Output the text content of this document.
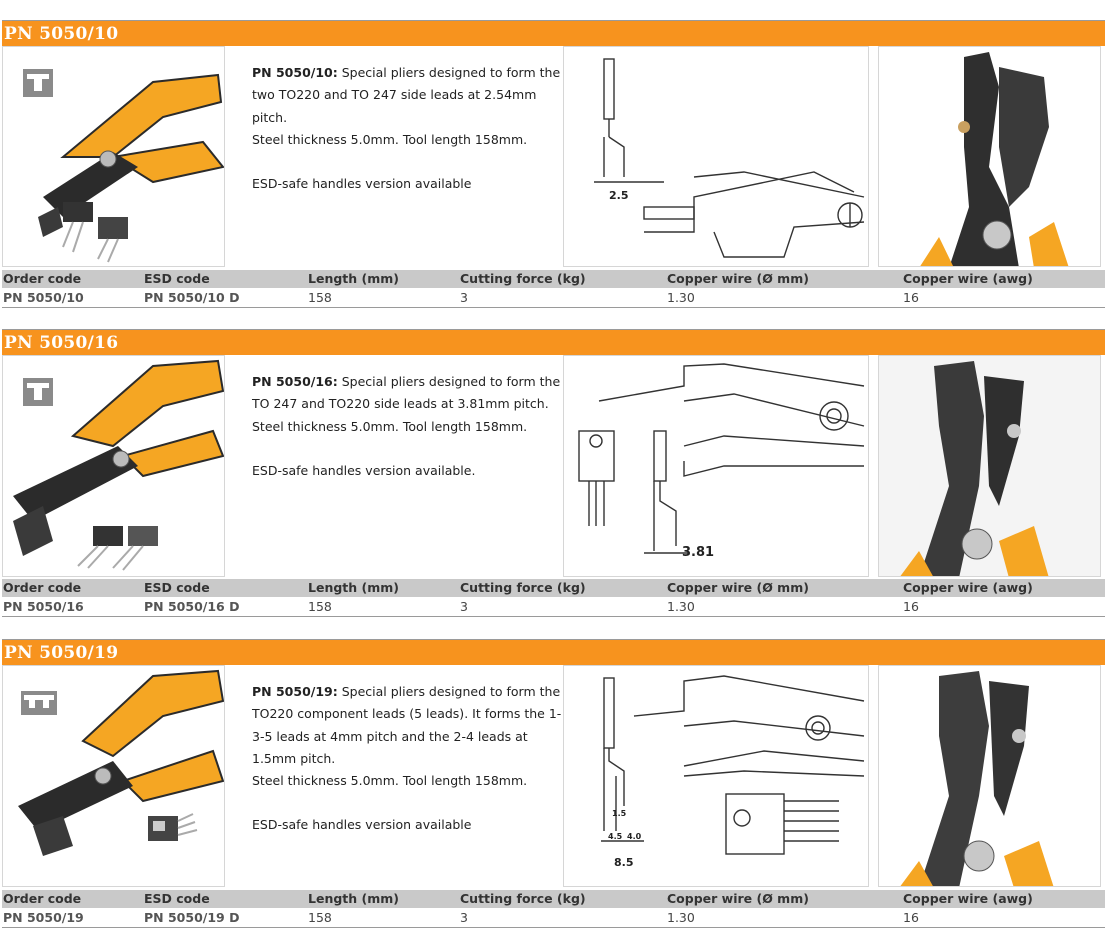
PN 5050/10

PN 5050/10: Special pliers designed to form the two TO220 and TO 247 side leads at 2.54mm pitch.

Steel thickness 5.0mm. Tool length 158mm.

ESD-safe handles version available

2.5
Order code	ESD code	Length (mm)	Cutting force (kg)	Copper wire (Ø mm)	Copper wire (awg)
PN 5050/10	PN 5050/10 D	158	3	1.30	16
PN 5050/16

PN 5050/16: Special pliers designed to form the TO 247 and TO220 side leads at 3.81mm pitch.

Steel thickness 5.0mm. Tool length 158mm.

ESD-safe handles version available.

3.81
Order code	ESD code	Length (mm)	Cutting force (kg)	Copper wire (Ø mm)	Copper wire (awg)
PN 5050/16	PN 5050/16 D	158	3	1.30	16
PN 5050/19

PN 5050/19: Special pliers designed to form the TO220 component leads (5 leads). It forms the 1-3-5 leads at 4mm pitch and the 2-4 leads at 1.5mm pitch.

Steel thickness 5.0mm. Tool length 158mm.

ESD-safe handles version available

1.5
4.5 4.0
8.5
Order code	ESD code	Length (mm)	Cutting force (kg)	Copper wire (Ø mm)	Copper wire (awg)
PN 5050/19	PN 5050/19 D	158	3	1.30	16
